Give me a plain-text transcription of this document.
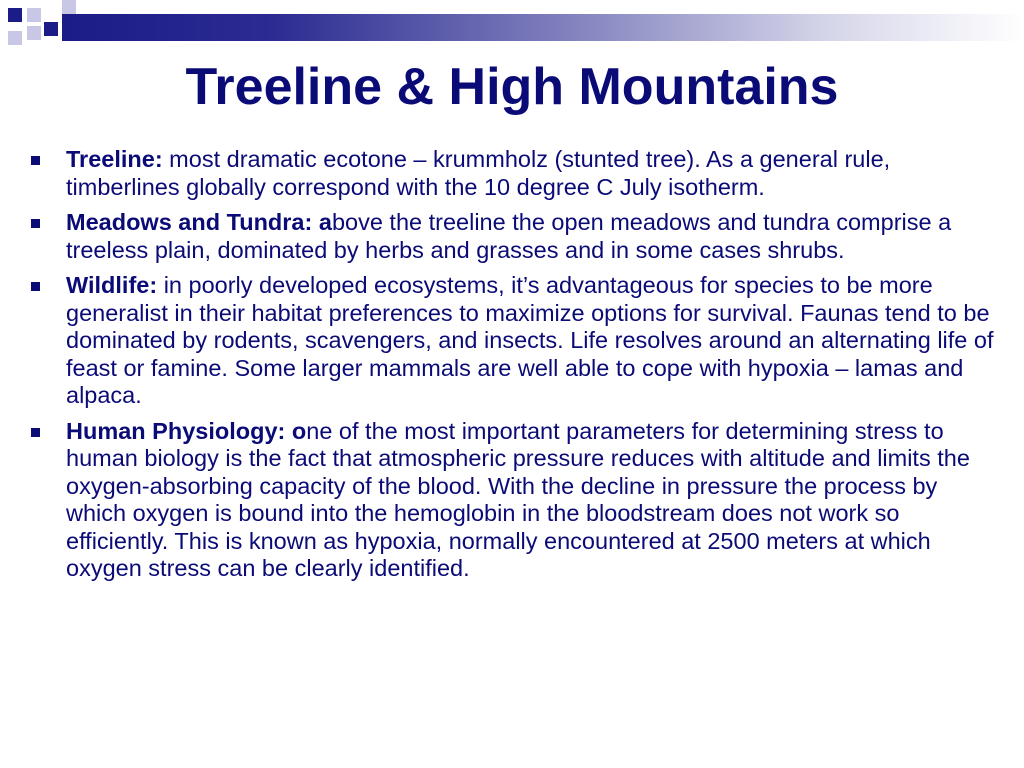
Treeline & High Mountains
Treeline: most dramatic ecotone – krummholz (stunted tree). As a general rule, timberlines globally correspond with the 10 degree C July isotherm.
Meadows and Tundra: above the treeline the open meadows and tundra comprise a treeless plain, dominated by herbs and grasses and in some cases shrubs.
Wildlife: in poorly developed ecosystems, it’s advantageous for species to be more generalist in their habitat preferences to maximize options for survival. Faunas tend to be dominated by rodents, scavengers, and insects. Life resolves around an alternating life of feast or famine. Some larger mammals are well able to cope with hypoxia – lamas and alpaca.
Human Physiology: one of the most important parameters for determining stress to human biology is the fact that atmospheric pressure reduces with altitude and limits the oxygen-absorbing capacity of the blood. With the decline in pressure the process by which oxygen is bound into the hemoglobin in the bloodstream does not work so efficiently. This is known as hypoxia, normally encountered at 2500 meters at which oxygen stress can be clearly identified.
